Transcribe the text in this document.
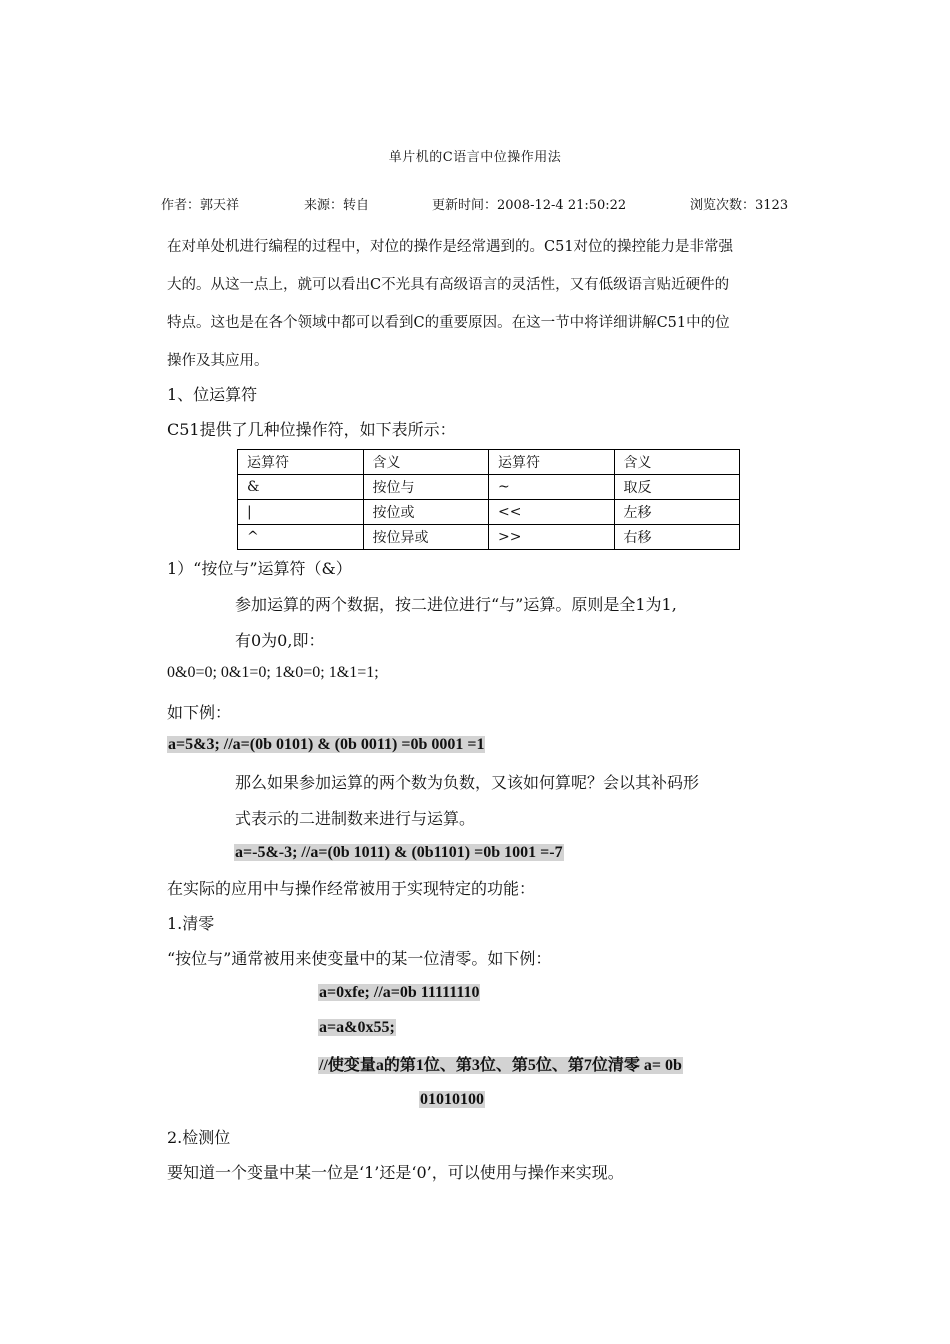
单片机的C语言中位操作用法
作者：郭天祥	来源：转自	更新时间：2008-12-4 21:50:22	浏览次数：3123
在对单处机进行编程的过程中，对位的操作是经常遇到的。C51对位的操控能力是非常强
大的。从这一点上，就可以看出C不光具有高级语言的灵活性，又有低级语言贴近硬件的
特点。这也是在各个领域中都可以看到C的重要原因。在这一节中将详细讲解C51中的位
操作及其应用。
1、位运算符
C51提供了几种位操作符，如下表所示：
运算符	含义	运算符	含义
&	按位与	~	取反
|	按位或	<<	左移
^	按位异或	>>	右移
1）“按位与”运算符（&）
参加运算的两个数据，按二进位进行“与”运算。原则是全1为1,
有0为0,即：
0&0=0; 0&1=0; 1&0=0; 1&1=1;
如下例：
a=5&3; //a=(0b 0101) & (0b 0011) =0b 0001 =1
那么如果参加运算的两个数为负数，又该如何算呢？会以其补码形
式表示的二进制数来进行与运算。
a=-5&-3; //a=(0b 1011) & (0b1101) =0b 1001 =-7
在实际的应用中与操作经常被用于实现特定的功能：
1.清零
“按位与”通常被用来使变量中的某一位清零。如下例：
a=0xfe; //a=0b 11111110
a=a&0x55;
//使变量a的第1位、第3位、第5位、第7位清零 a= 0b
01010100
2.检测位
要知道一个变量中某一位是‘1’还是‘0’，可以使用与操作来实现。
